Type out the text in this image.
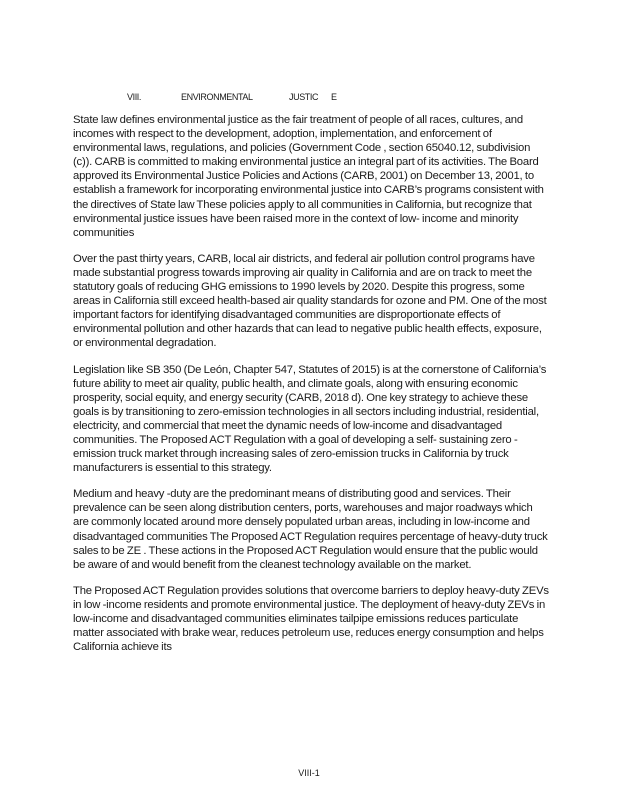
VIII.	ENVIRONMENTAL	JUSTIC E

State law defines environmental justice as the fair treatment of people of all races, cultures, and incomes with respect to the development, adoption, implementation, and enforcement of environmental laws, regulations, and policies (Government Code , section 65040.12, subdivision (c)). CARB is committed to making environmental justice an integral part of its activities. The Board approved its Environmental Justice Policies and Actions (CARB, 2001) on December 13, 2001, to establish a framework for incorporating environmental justice into CARB’s programs consistent with the directives of State law These policies apply to all communities in California, but recognize that environmental justice issues have been raised more in the context of low- income and minority communities

Over the past thirty years, CARB, local air districts, and federal air pollution control programs have made substantial progress towards improving air quality in California and are on track to meet the statutory goals of reducing GHG emissions to 1990 levels by 2020. Despite this progress, some areas in California still exceed health-based air quality standards for ozone and PM. One of the most important factors for identifying disadvantaged communities are disproportionate effects of environmental pollution and other hazards that can lead to negative public health effects, exposure, or environmental degradation.

Legislation like SB 350 (De León, Chapter 547, Statutes of 2015) is at the cornerstone of California’s future ability to meet air quality, public health, and climate goals, along with ensuring economic prosperity, social equity, and energy security (CARB, 2018 d). One key strategy to achieve these goals is by transitioning to zero-emission technologies in all sectors including industrial, residential, electricity, and commercial that meet the dynamic needs of low-income and disadvantaged communities. The Proposed ACT Regulation with a goal of developing a self- sustaining zero -emission truck market through increasing sales of zero-emission trucks in California by truck manufacturers is essential to this strategy.

Medium and heavy -duty are the predominant means of distributing good and services. Their prevalence can be seen along distribution centers, ports, warehouses and major roadways which are commonly located around more densely populated urban areas, including in low-income and disadvantaged communities The Proposed ACT Regulation requires percentage of heavy-duty truck sales to be ZE . These actions in the Proposed ACT Regulation would ensure that the public would be aware of and would benefit from the cleanest technology available on the market.

The Proposed ACT Regulation provides solutions that overcome barriers to deploy heavy-duty ZEVs in low -income residents and promote environmental justice. The deployment of heavy-duty ZEVs in low-income and disadvantaged communities eliminates tailpipe emissions reduces particulate matter associated with brake wear, reduces petroleum use, reduces energy consumption and helps California achieve its

VIII-1
